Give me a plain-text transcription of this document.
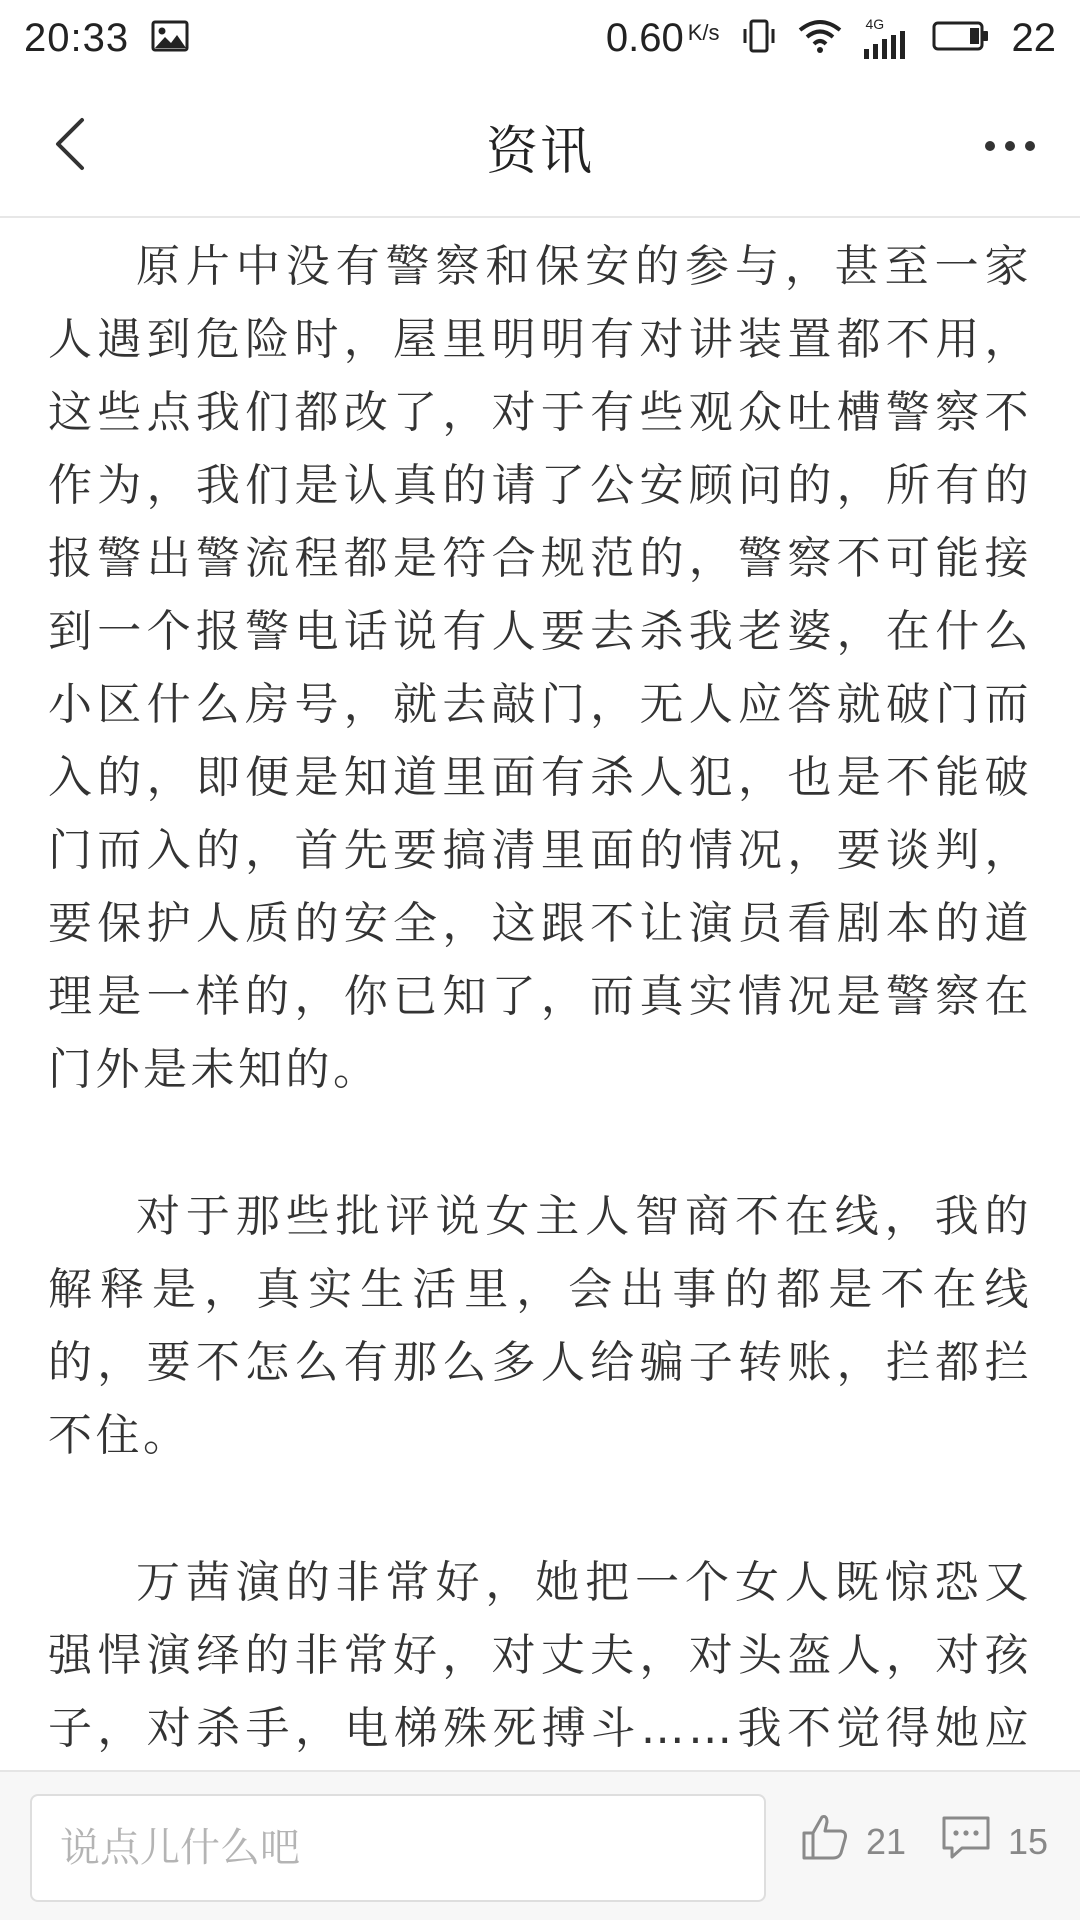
20:33	0.60 K/s	4G	22
资讯

原片中没有警察和保安的参与，甚至一家人遇到危险时，屋里明明有对讲装置都不用，这些点我们都改了，对于有些观众吐槽警察不作为，我们是认真的请了公安顾问的，所有的报警出警流程都是符合规范的，警察不可能接到一个报警电话说有人要去杀我老婆，在什么小区什么房号，就去敲门，无人应答就破门而入的，即便是知道里面有杀人犯，也是不能破门而入的，首先要搞清里面的情况，要谈判，要保护人质的安全，这跟不让演员看剧本的道理是一样的，你已知了，而真实情况是警察在门外是未知的。

对于那些批评说女主人智商不在线，我的解释是，真实生活里，会出事的都是不在线的，要不怎么有那么多人给骗子转账，拦都拦不住。

万茜演的非常好，她把一个女人既惊恐又强悍演绎的非常好，对丈夫，对头盔人，对孩子，对杀手，电梯殊死搏斗……我不觉得她应

说点儿什么吧
21	15
